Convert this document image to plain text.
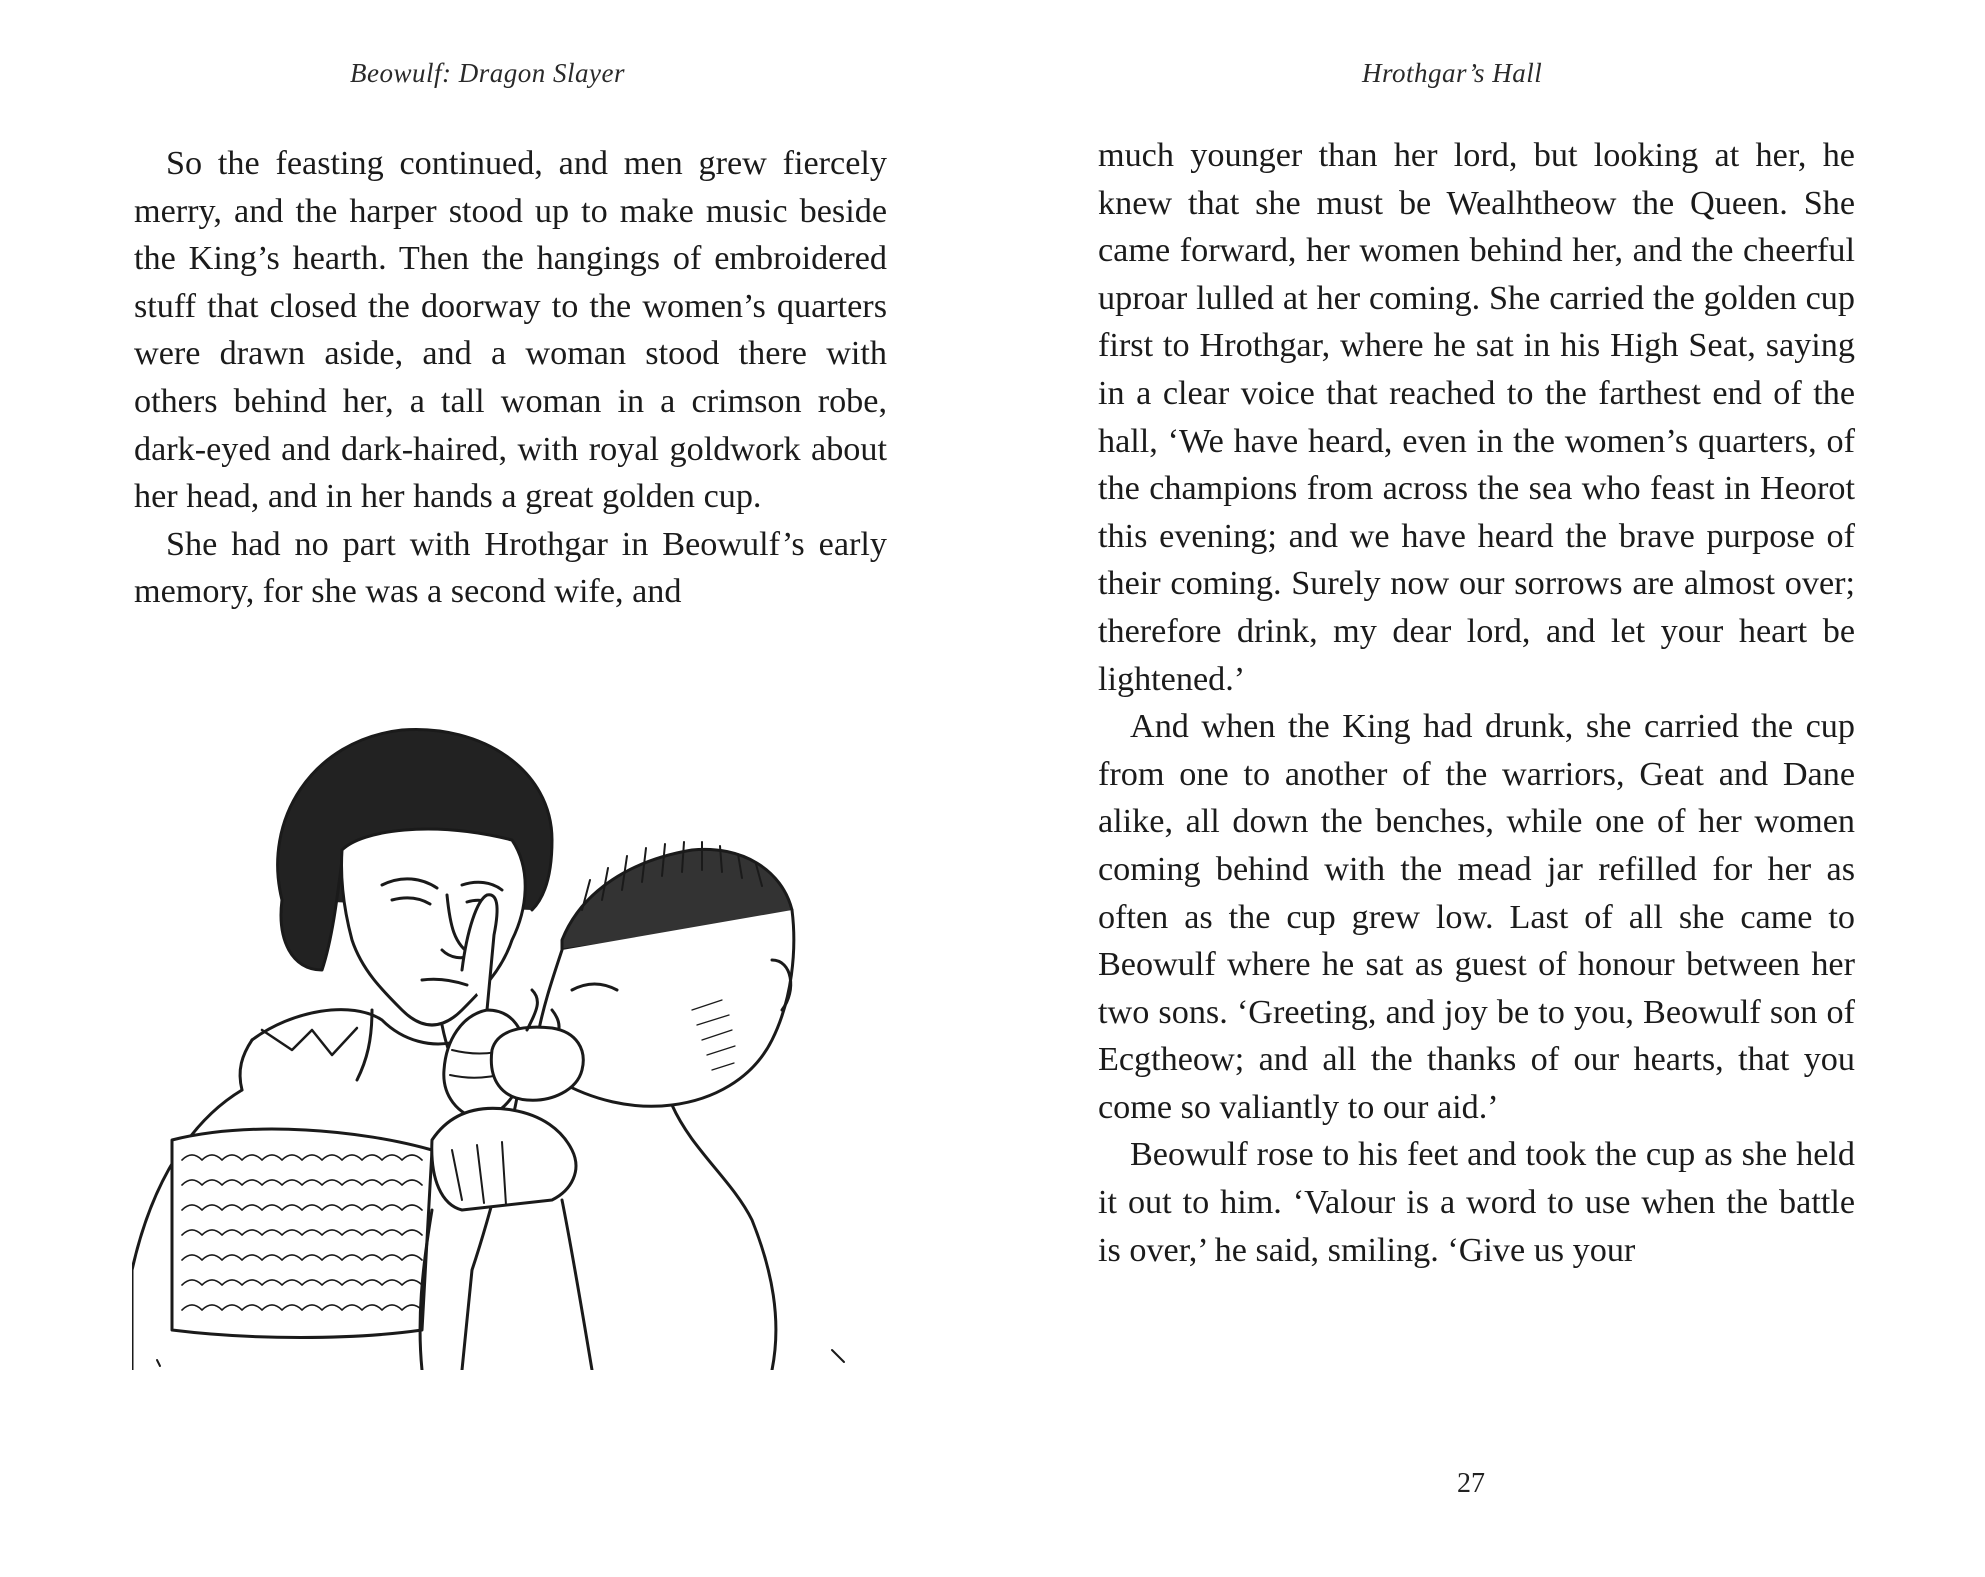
Beowulf: Dragon Slayer

So the feasting continued, and men grew fiercely merry, and the harper stood up to make music beside the King’s hearth. Then the hangings of embroidered stuff that closed the doorway to the women’s quarters were drawn aside, and a woman stood there with others behind her, a tall woman in a crimson robe, dark-eyed and dark-haired, with royal goldwork about her head, and in her hands a great golden cup.

She had no part with Hrothgar in Beowulf’s early memory, for she was a second wife, and

Hrothgar’s Hall

much younger than her lord, but looking at her, he knew that she must be Wealhtheow the Queen. She came forward, her women behind her, and the cheerful uproar lulled at her coming. She carried the golden cup first to Hrothgar, where he sat in his High Seat, saying in a clear voice that reached to the farthest end of the hall, ‘We have heard, even in the women’s quarters, of the champions from across the sea who feast in Heorot this evening; and we have heard the brave purpose of their coming. Surely now our sorrows are almost over; therefore drink, my dear lord, and let your heart be lightened.’

And when the King had drunk, she carried the cup from one to another of the warriors, Geat and Dane alike, all down the benches, while one of her women coming behind with the mead jar refilled for her as often as the cup grew low. Last of all she came to Beowulf where he sat as guest of honour between her two sons. ‘Greeting, and joy be to you, Beowulf son of Ecgtheow; and all the thanks of our hearts, that you come so valiantly to our aid.’

Beowulf rose to his feet and took the cup as she held it out to him. ‘Valour is a word to use when the battle is over,’ he said, smiling. ‘Give us your

27
